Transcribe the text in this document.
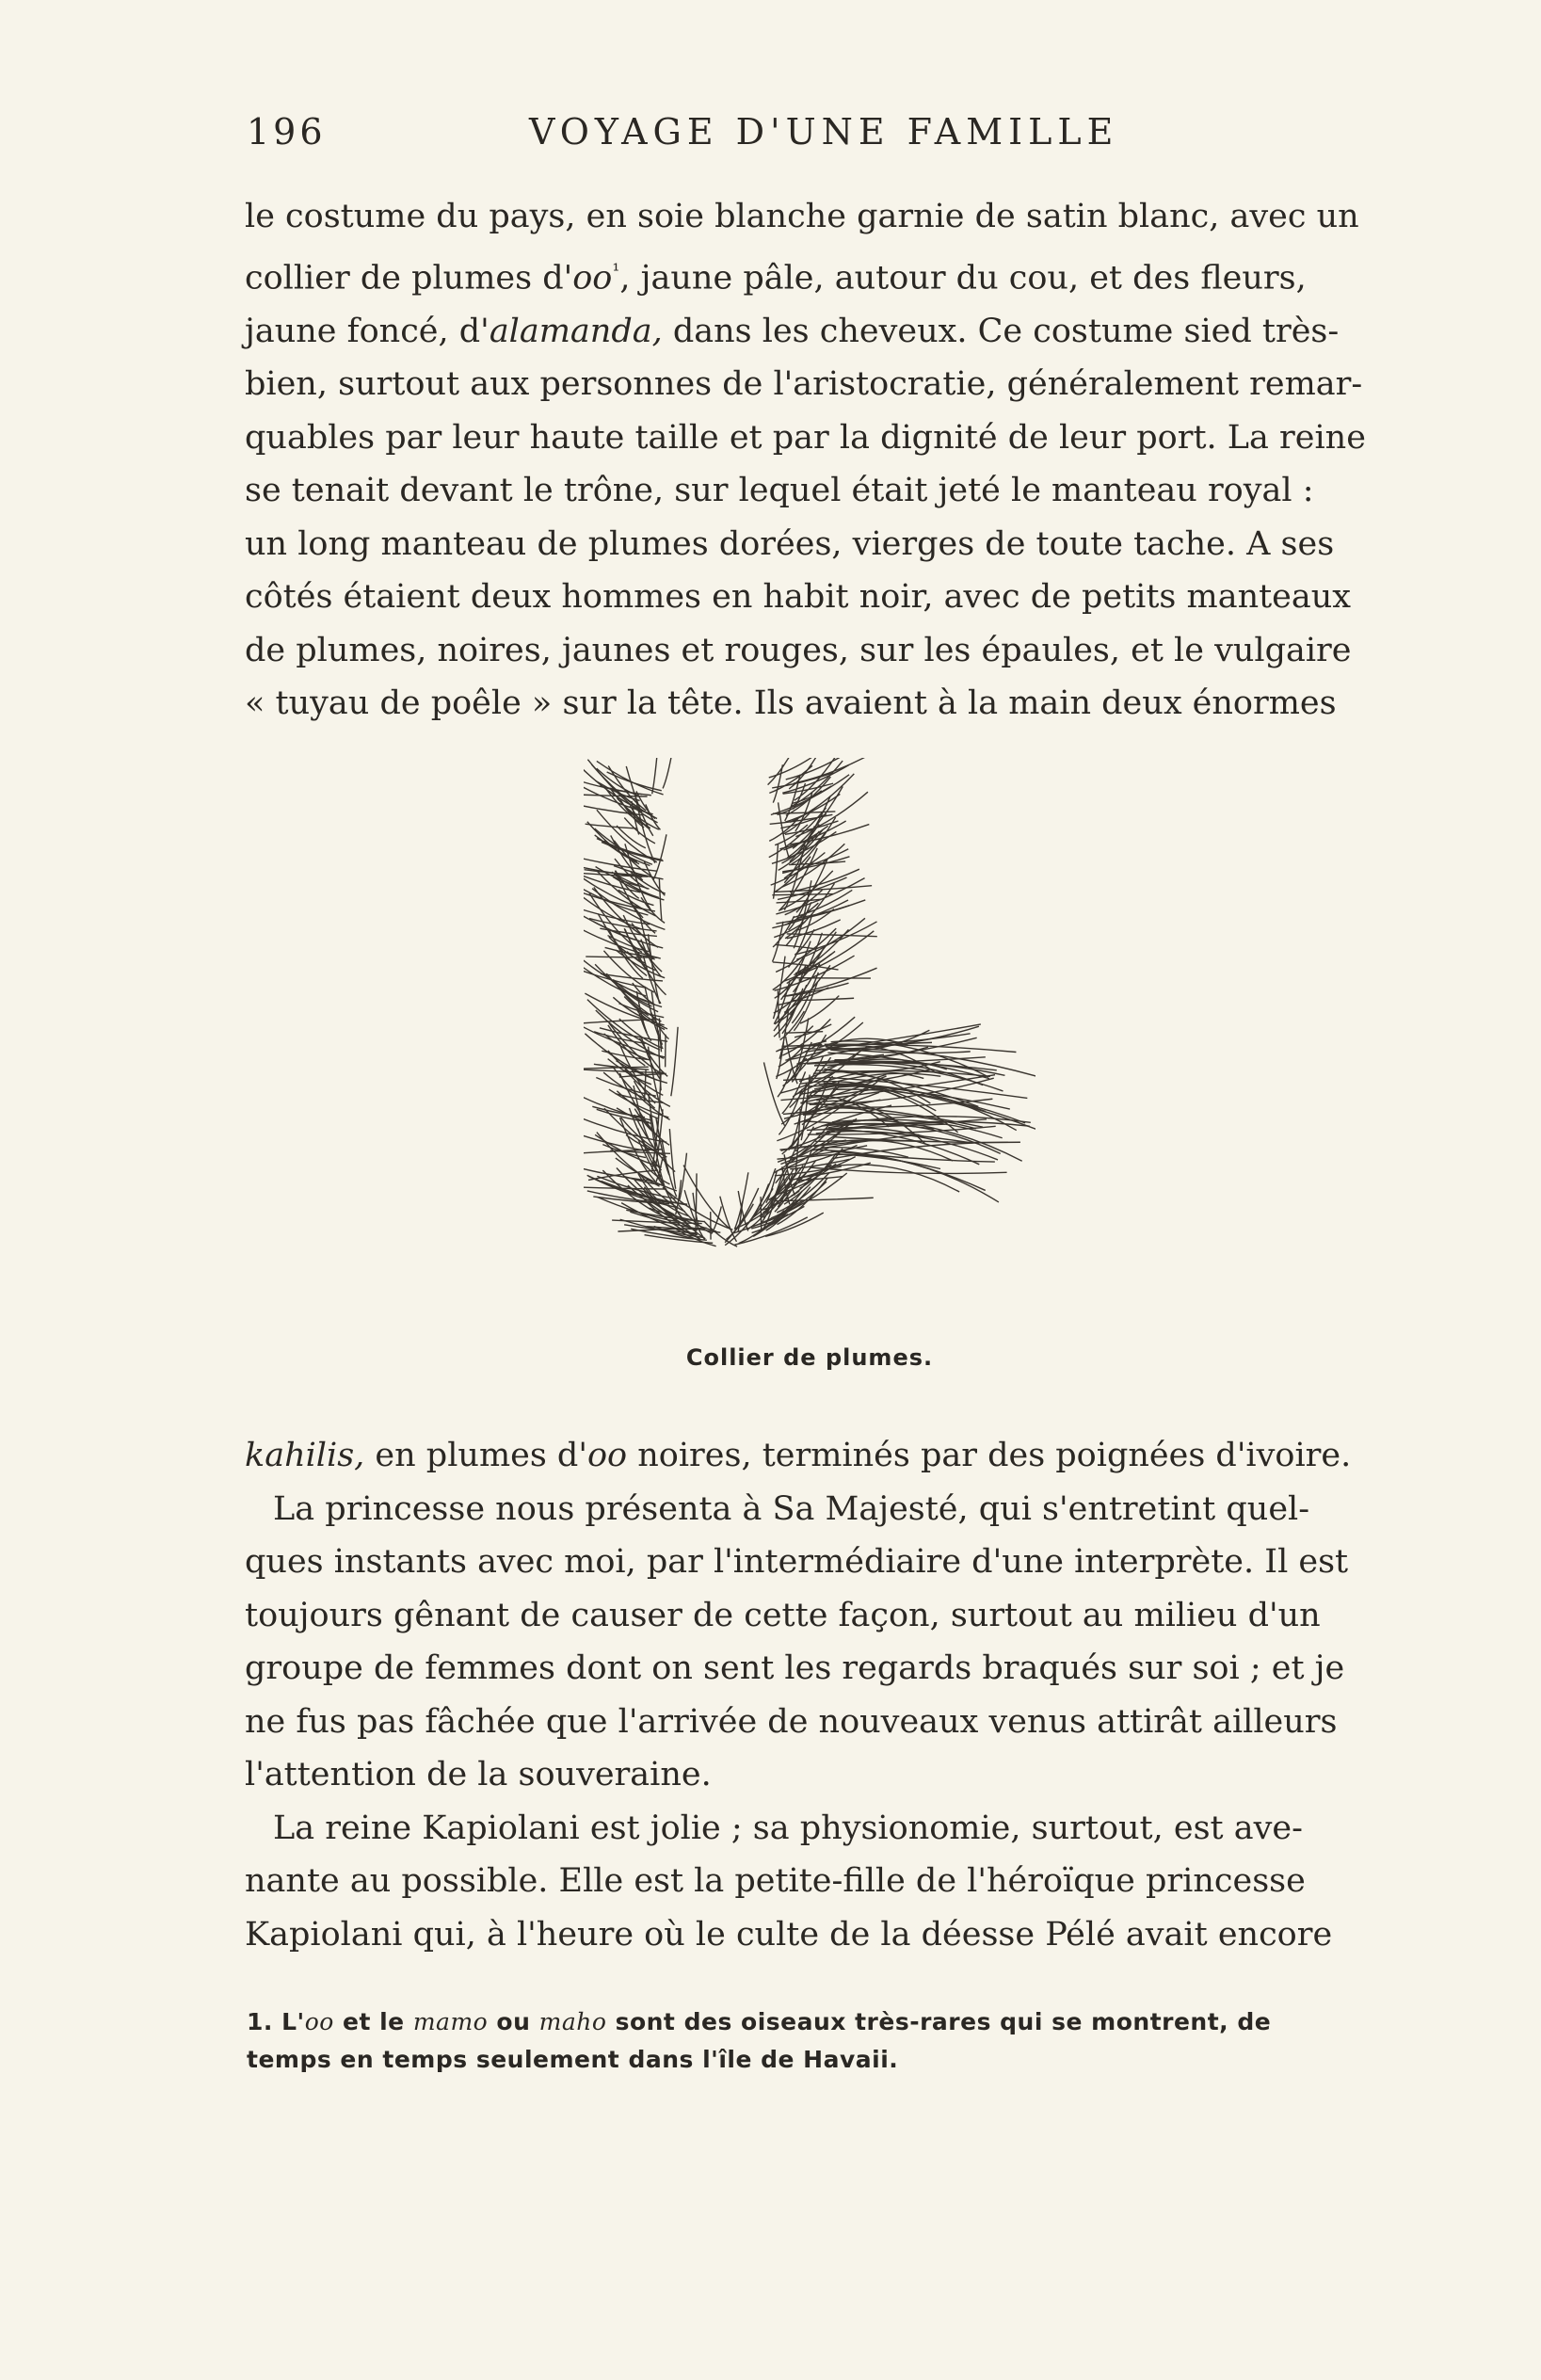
196	VOYAGE D'UNE FAMILLE

le costume du pays, en soie blanche garnie de satin blanc, avec un

collier de plumes $d'oo^{^1}$, jaune pâle, autour du cou, et des fleurs,

jaune foncé, d'alamanda, dans les cheveux. Ce costume sied très-

bien, surtout aux personnes de l'aristocratie, généralement remar-

quables par leur haute taille et par la dignité de leur port. La reine

se tenait devant le trône, sur lequel était jeté le manteau royal :

un long manteau de plumes dorées, vierges de toute tache. A ses

côtés étaient deux hommes en habit noir, avec de petits manteaux

de plumes, noires, jaunes et rouges, sur les épaules, et le vulgaire

« tuyau de poêle » sur la tête. Ils avaient à la main deux énormes

Collier de plumes.

kahilis, en plumes d'oo noires, terminés par des poignées d'ivoire.

La princesse nous présenta à Sa Majesté, qui s'entretint quel-

ques instants avec moi, par l'intermédiaire d'une interprète. Il est

toujours gênant de causer de cette façon, surtout au milieu d'un

groupe de femmes dont on sent les regards braqués sur soi ; et je

ne fus pas fâchée que l'arrivée de nouveaux venus attirât ailleurs

l'attention de la souveraine.

La reine Kapiolani est jolie ; sa physionomie, surtout, est ave-

nante au possible. Elle est la petite-fille de l'héroïque princesse

Kapiolani qui, à l'heure où le culte de la déesse Pélé avait encore

1. L'oo et le mamo ou maho sont des oiseaux très-rares qui se montrent, de
temps en temps seulement dans l'île de Havaii.
